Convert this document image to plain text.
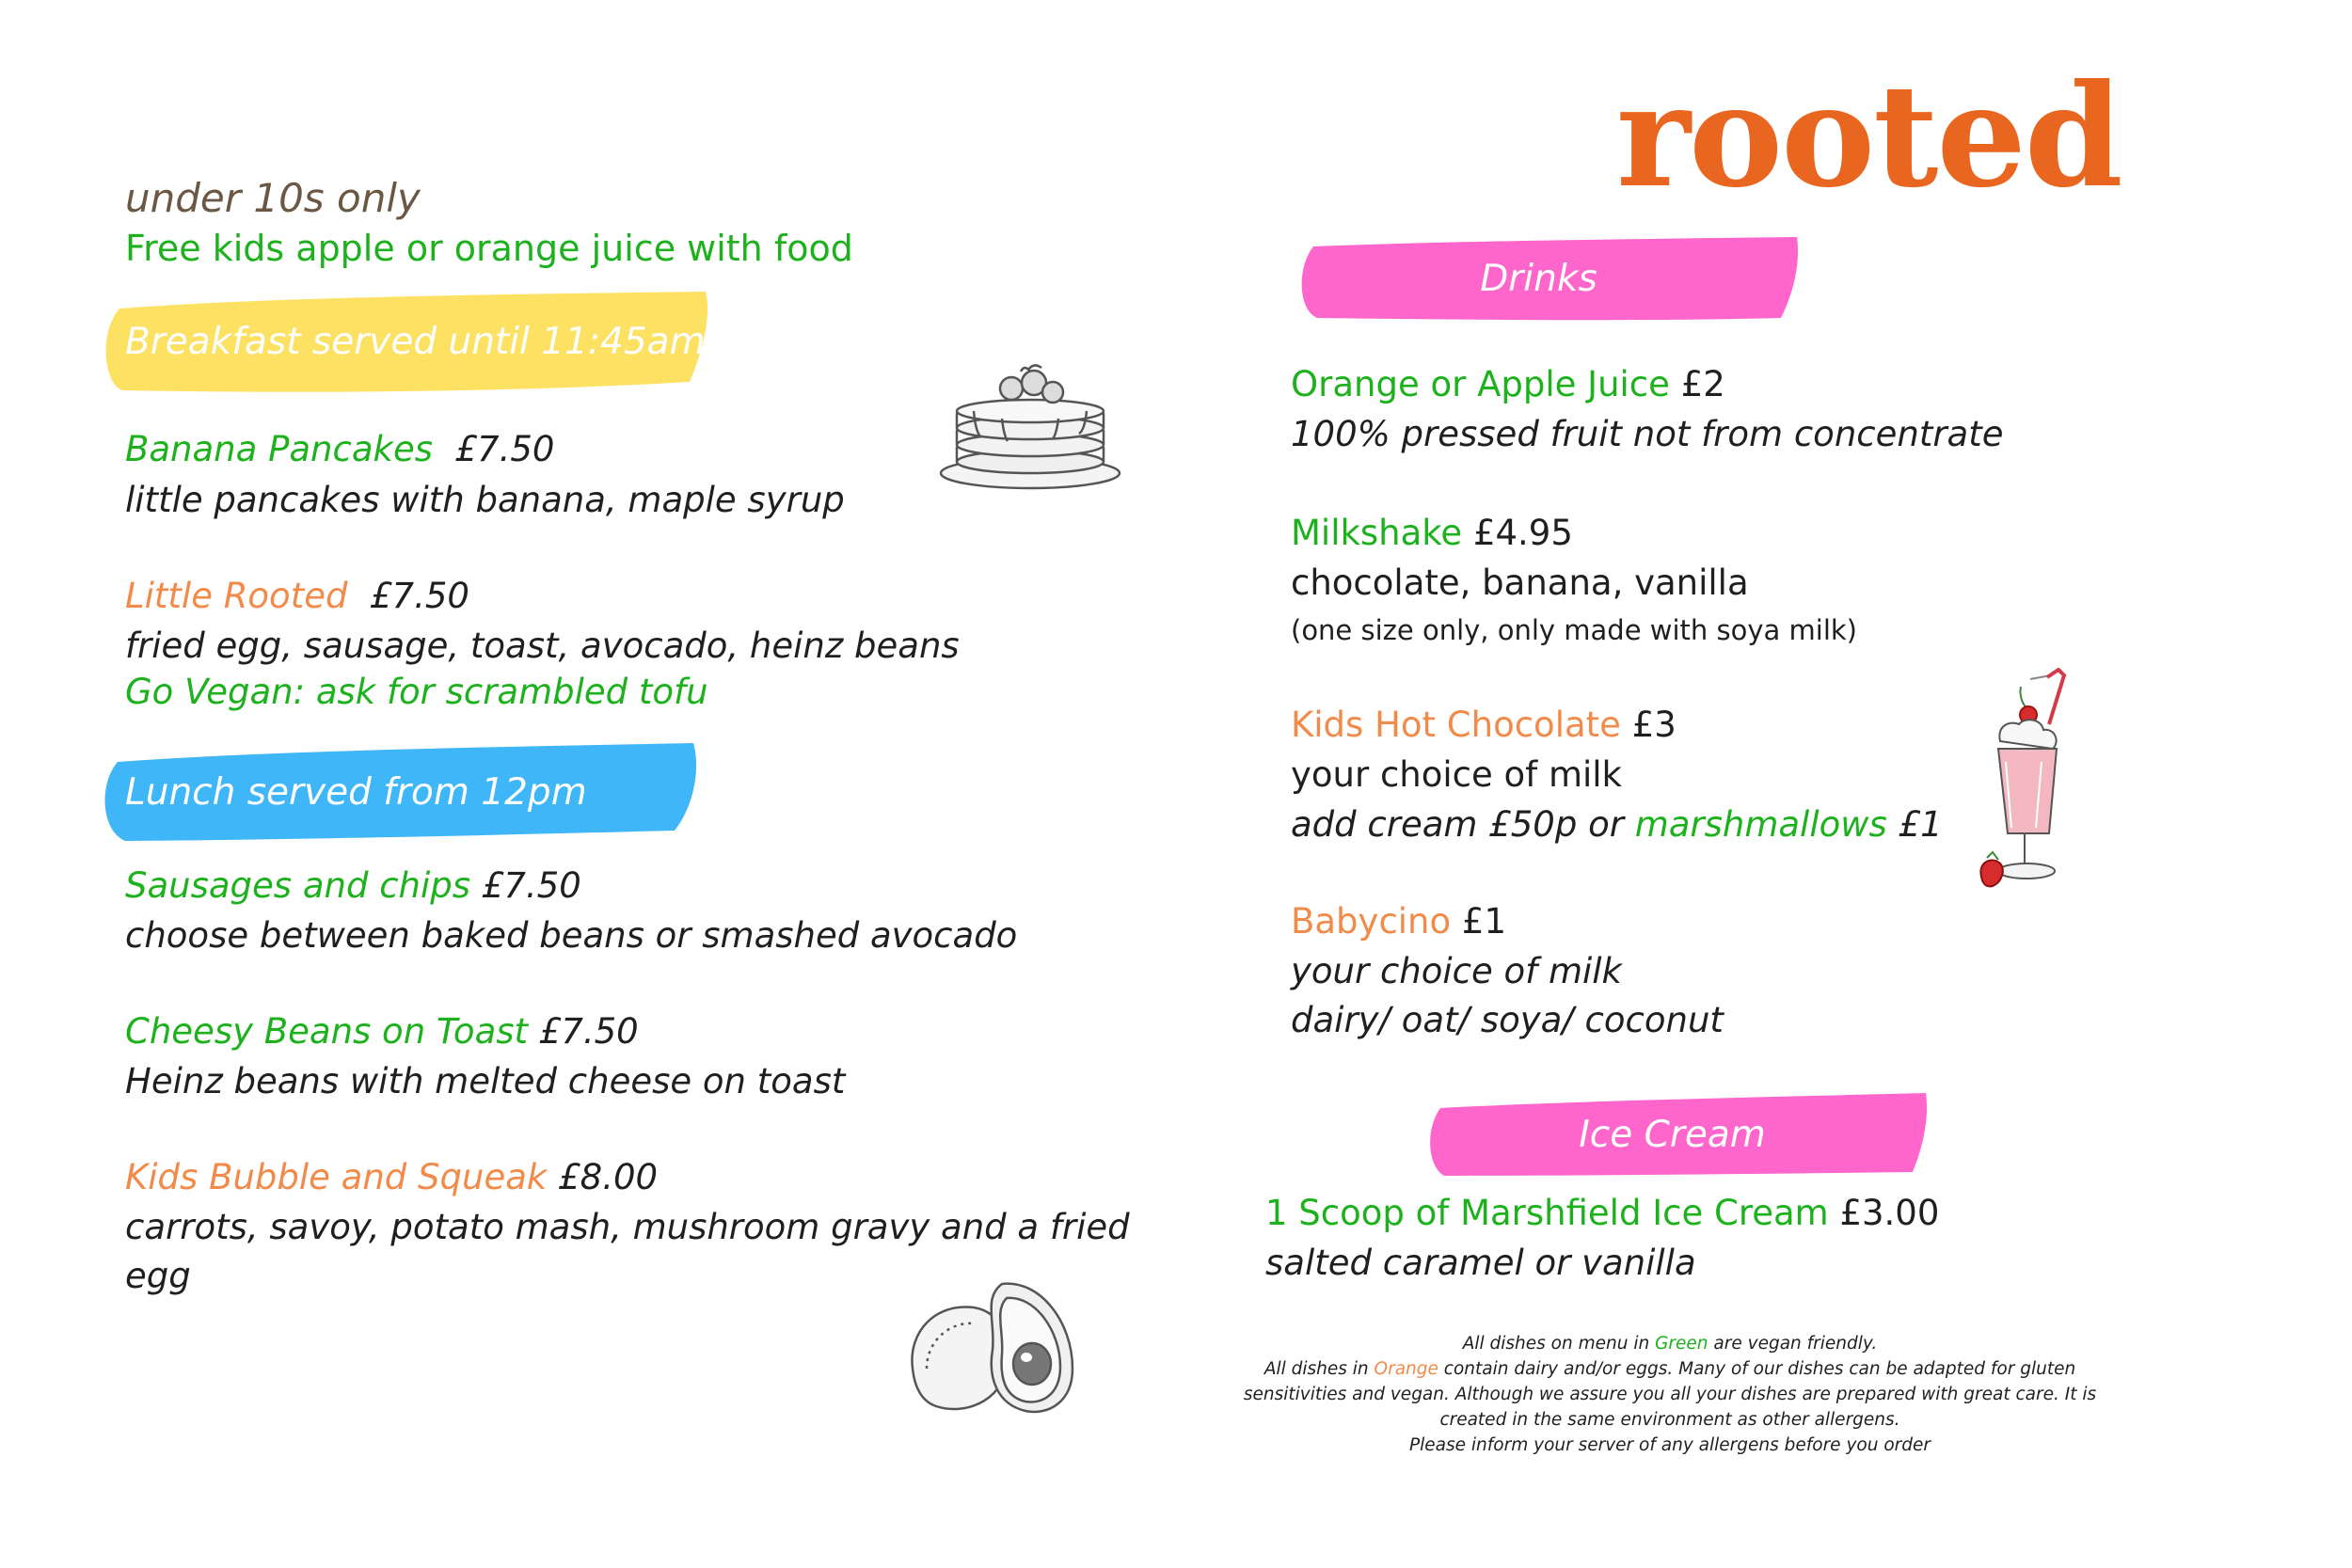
rooted
under 10s only
Free kids apple or orange juice with food
Breakfast served until 11:45am
Banana Pancakes £7.50
little pancakes with banana, maple syrup
Little Rooted £7.50
fried egg, sausage, toast, avocado, heinz beans
Go Vegan: ask for scrambled tofu
Lunch served from 12pm
Sausages and chips £7.50
choose between baked beans or smashed avocado
Cheesy Beans on Toast £7.50
Heinz beans with melted cheese on toast
Kids Bubble and Squeak £8.00
carrots, savoy, potato mash, mushroom gravy and a fried
egg
Drinks
Orange or Apple Juice £2
100% pressed fruit not from concentrate
Milkshake £4.95
chocolate, banana, vanilla
(one size only, only made with soya milk)
Kids Hot Chocolate £3
your choice of milk
add cream £50p or marshmallows £1
Babycino £1
your choice of milk
dairy/ oat/ soya/ coconut
Ice Cream
1 Scoop of Marshfield Ice Cream £3.00
salted caramel or vanilla
All dishes on menu in Green are vegan friendly.
All dishes in Orange contain dairy and/or eggs. Many of our dishes can be adapted for gluten
sensitivities and vegan. Although we assure you all your dishes are prepared with great care. It is
created in the same environment as other allergens.
Please inform your server of any allergens before you order
